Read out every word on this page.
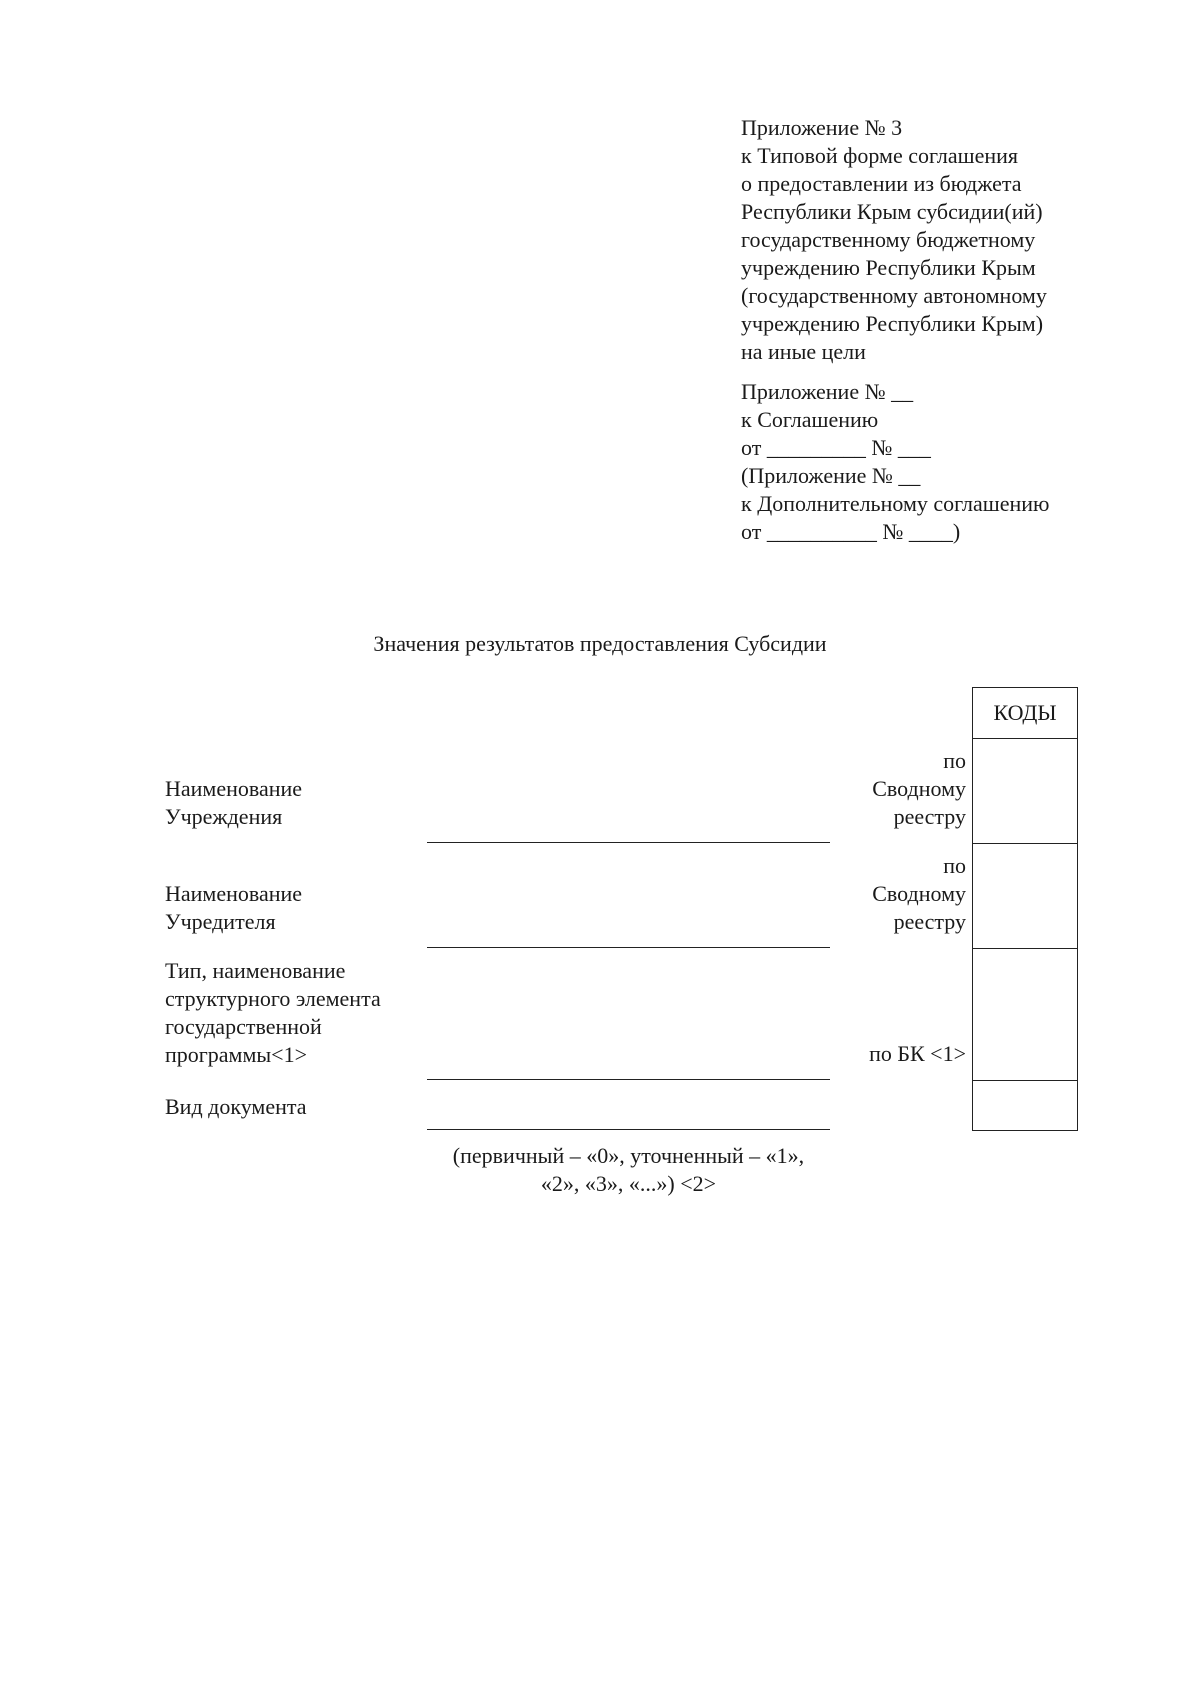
Приложение № 3
к Типовой форме соглашения
о предоставлении из бюджета
Республики Крым субсидии(ий)
государственному бюджетному
учреждению Республики Крым
(государственному автономному
учреждению Республики Крым)
на иные цели
Приложение № __
к Соглашению
от _________ № ___
(Приложение № __
к Дополнительному соглашению
от __________ № ____)
Значения результатов предоставления Субсидии
Наименование
Учреждения
по
Сводному
реестру
Наименование
Учредителя
по
Сводному
реестру
Тип, наименование
структурного элемента
государственной
программы<1>	по БК <1>
Вид документа
(первичный – «0», уточненный – «1»,
«2», «3», «...») <2>
КОДЫ
